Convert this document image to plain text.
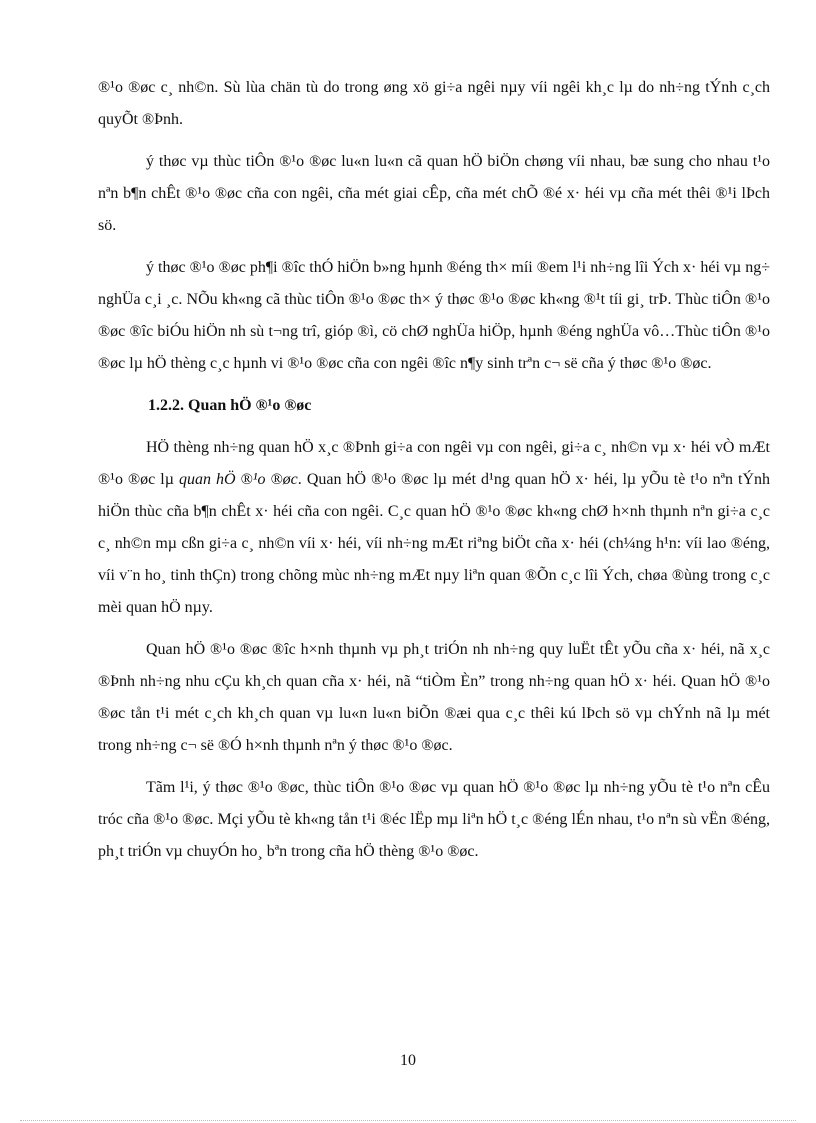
®¹o ®øc c¸ nh©n. Sù lùa chän tù do trong øng xö gi÷a ngêi nµy víi ngêi kh¸c lµ do nh÷ng tÝnh c¸ch quyÕt ®Þnh.

ý thøc vµ thùc tiÔn ®¹o ®øc lu«n lu«n cã quan hÖ biÖn chøng víi nhau, bæ sung cho nhau t¹o nªn b¶n chÊt ®¹o ®øc cña con ngêi, cña mét giai cÊp, cña mét chÕ ®é x· héi vµ cña mét thêi ®¹i lÞch sö.

ý thøc ®¹o ®øc ph¶i ®îc thÓ hiÖn b»ng hµnh ®éng th× míi ®em l¹i nh÷ng lîi Ých x· héi vµ ng÷ nghÜa c¸i ¸c. NÕu kh«ng cã thùc tiÔn ®¹o ®øc th× ý thøc ®¹o ®øc kh«ng ®¹t tíi gi¸ trÞ. Thùc tiÔn ®¹o ®øc ®îc biÓu hiÖn nh sù t¬ng trî, gióp ®ì, cö chØ nghÜa hiÖp, hµnh ®éng nghÜa vô…Thùc tiÔn ®¹o ®øc lµ hÖ thèng c¸c hµnh vi ®¹o ®øc cña con ngêi ®îc n¶y sinh trªn c¬ së cña ý thøc ®¹o ®øc.

1.2.2. Quan hÖ ®¹o ®øc

HÖ thèng nh÷ng quan hÖ x¸c ®Þnh gi÷a con ngêi vµ con ngêi, gi÷a c¸ nh©n vµ x· héi vÒ mÆt ®¹o ®øc lµ quan hÖ ®¹o ®øc. Quan hÖ ®¹o ®øc lµ mét d¹ng quan hÖ x· héi, lµ yÕu tè t¹o nªn tÝnh hiÖn thùc cña b¶n chÊt x· héi cña con ngêi. C¸c quan hÖ ®¹o ®øc kh«ng chØ h×nh thµnh nªn gi÷a c¸c c¸ nh©n mµ cßn gi÷a c¸ nh©n víi x· héi, víi nh÷ng mÆt riªng biÖt cña x· héi (ch¼ng h¹n: víi lao ®éng, víi v¨n ho¸ tinh thÇn) trong chõng mùc nh÷ng mÆt nµy liªn quan ®Õn c¸c lîi Ých, chøa ®ùng trong c¸c mèi quan hÖ nµy.

Quan hÖ ®¹o ®øc ®îc h×nh thµnh vµ ph¸t triÓn nh nh÷ng quy luËt tÊt yÕu cña x· héi, nã x¸c ®Þnh nh÷ng nhu cÇu kh¸ch quan cña x· héi, nã “tiÒm Èn” trong nh÷ng quan hÖ x· héi. Quan hÖ ®¹o ®øc tån t¹i mét c¸ch kh¸ch quan vµ lu«n lu«n biÕn ®æi qua c¸c thêi kú lÞch sö vµ chÝnh nã lµ mét trong nh÷ng c¬ së ®Ó h×nh thµnh nªn ý thøc ®¹o ®øc.

Tãm l¹i, ý thøc ®¹o ®øc, thùc tiÔn ®¹o ®øc vµ quan hÖ ®¹o ®øc lµ nh÷ng yÕu tè t¹o nªn cÊu tróc cña ®¹o ®øc. Mçi yÕu tè kh«ng tån t¹i ®éc lËp mµ liªn hÖ t¸c ®éng lÉn nhau, t¹o nªn sù vËn ®éng, ph¸t triÓn vµ chuyÓn ho¸ bªn trong cña hÖ thèng ®¹o ®øc.

10
